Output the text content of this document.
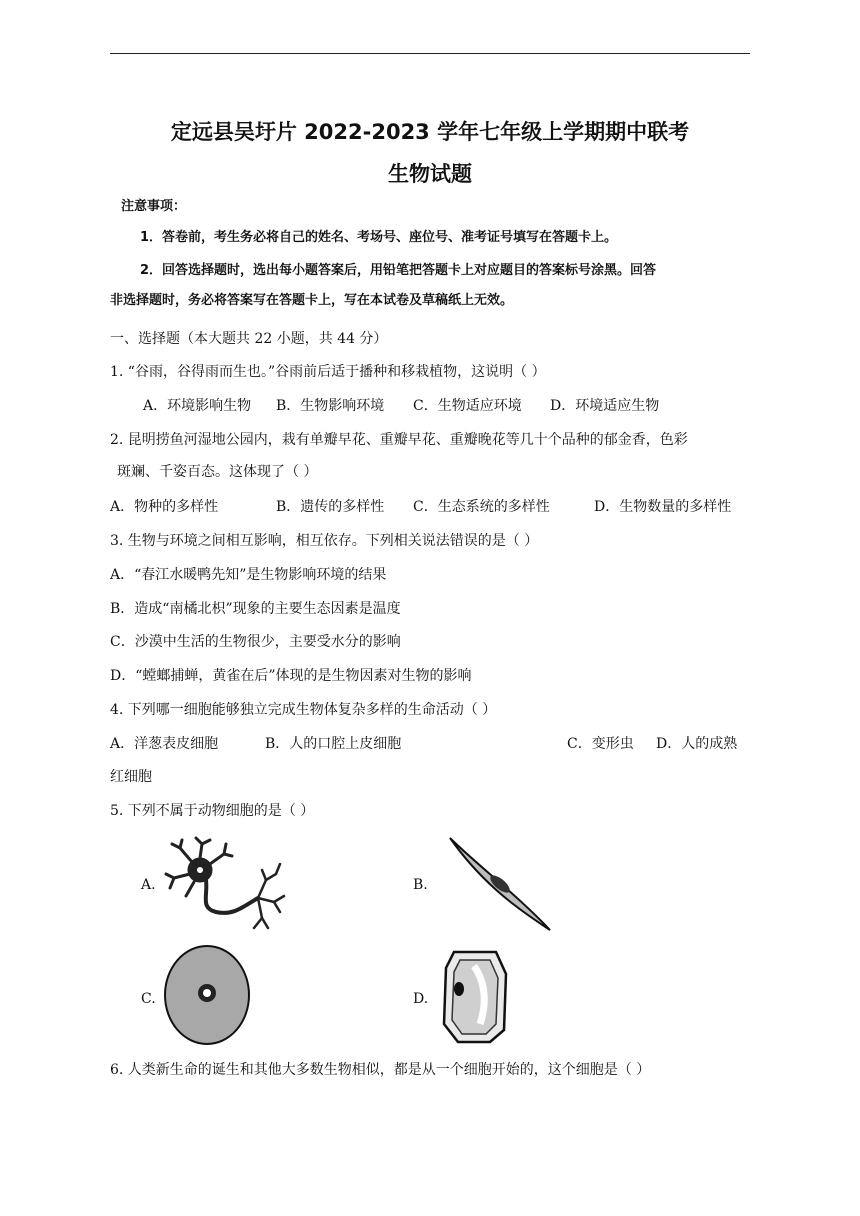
定远县吴圩片 2022-2023 学年七年级上学期期中联考
生物试题
注意事项：
1．答卷前，考生务必将自己的姓名、考场号、座位号、准考证号填写在答题卡上。
2．回答选择题时，选出每小题答案后，用铅笔把答题卡上对应题目的答案标号涂黑。回答
非选择题时，务必将答案写在答题卡上，写在本试卷及草稿纸上无效。
一、选择题（本大题共 22 小题，共 44 分）
1. “谷雨，谷得雨而生也。”谷雨前后适于播种和移栽植物，这说明（ ）
A．环境影响生物 B．生物影响环境 C．生物适应环境 D．环境适应生物
2. 昆明捞鱼河湿地公园内，栽有单瓣早花、重瓣早花、重瓣晚花等几十个品种的郁金香，色彩
斑斓、千姿百态。这体现了（ ）
A．物种的多样性	B．遗传的多样性 C．生态系统的多样性	D．生物数量的多样性
3. 生物与环境之间相互影响，相互依存。下列相关说法错误的是（ ）
A．“春江水暖鸭先知”是生物影响环境的结果
B．造成“南橘北枳”现象的主要生态因素是温度
C．沙漠中生活的生物很少，主要受水分的影响
D．“螳螂捕蝉，黄雀在后”体现的是生物因素对生物的影响
4. 下列哪一细胞能够独立完成生物体复杂多样的生命活动（ ）
A．洋葱表皮细胞	B．人的口腔上皮细胞	C．变形虫 D．人的成熟
红细胞
5. 下列不属于动物细胞的是（ ）
A.	B.
C.	D.
6. 人类新生命的诞生和其他大多数生物相似，都是从一个细胞开始的，这个细胞是（ ）
